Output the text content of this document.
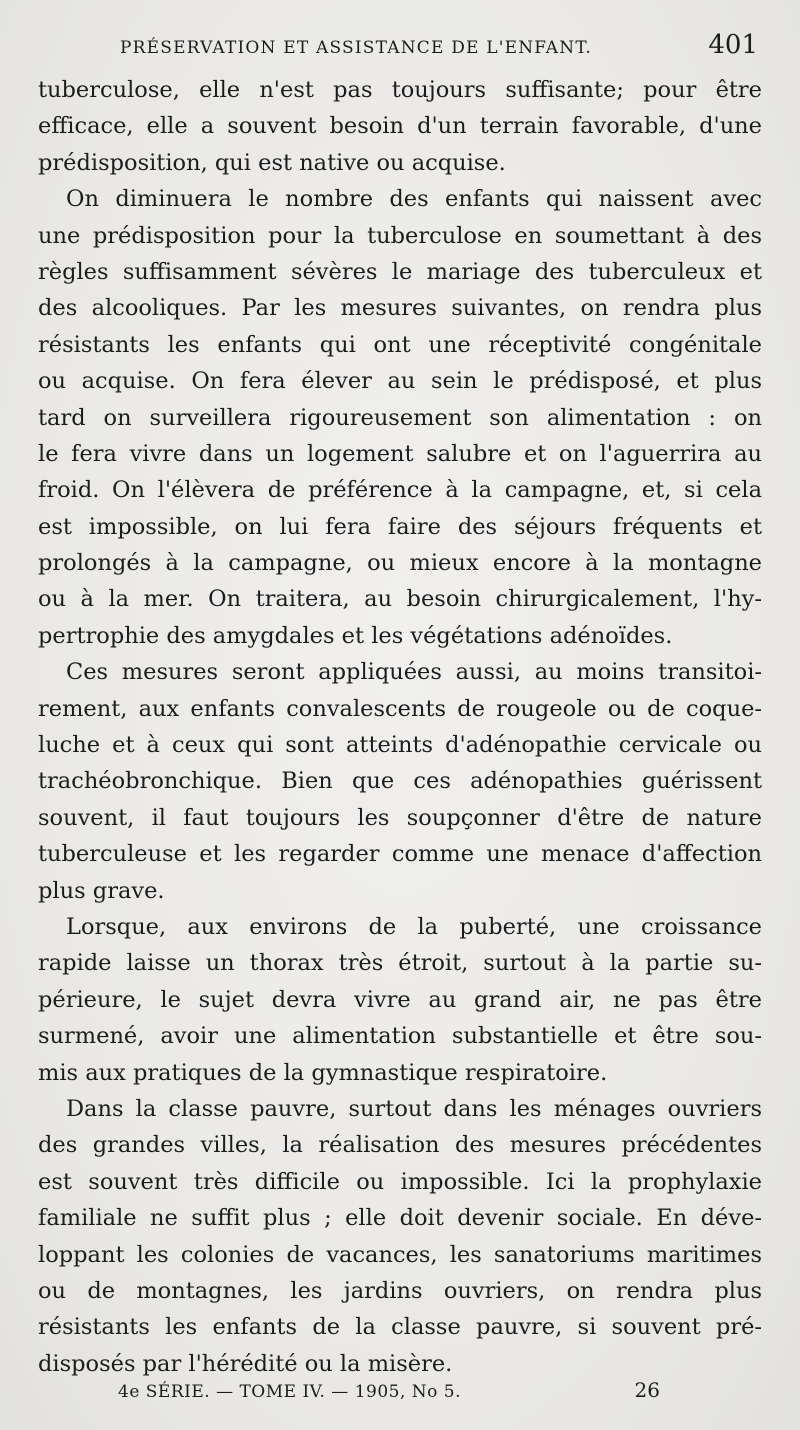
PRÉSERVATION ET ASSISTANCE DE L'ENFANT.	401
tuberculose, elle n'est pas toujours suffisante; pour être
efficace, elle a souvent besoin d'un terrain favorable, d'une
prédisposition, qui est native ou acquise.
On diminuera le nombre des enfants qui naissent avec
une prédisposition pour la tuberculose en soumettant à des
règles suffisamment sévères le mariage des tuberculeux et
des alcooliques. Par les mesures suivantes, on rendra plus
résistants les enfants qui ont une réceptivité congénitale
ou acquise. On fera élever au sein le prédisposé, et plus
tard on surveillera rigoureusement son alimentation : on
le fera vivre dans un logement salubre et on l'aguerrira au
froid. On l'élèvera de préférence à la campagne, et, si cela
est impossible, on lui fera faire des séjours fréquents et
prolongés à la campagne, ou mieux encore à la montagne
ou à la mer. On traitera, au besoin chirurgicalement, l'hy-
pertrophie des amygdales et les végétations adénoïdes.
Ces mesures seront appliquées aussi, au moins transitoi-
rement, aux enfants convalescents de rougeole ou de coque-
luche et à ceux qui sont atteints d'adénopathie cervicale ou
trachéobronchique. Bien que ces adénopathies guérissent
souvent, il faut toujours les soupçonner d'être de nature
tuberculeuse et les regarder comme une menace d'affection
plus grave.
Lorsque, aux environs de la puberté, une croissance
rapide laisse un thorax très étroit, surtout à la partie su-
périeure, le sujet devra vivre au grand air, ne pas être
surmené, avoir une alimentation substantielle et être sou-
mis aux pratiques de la gymnastique respiratoire.
Dans la classe pauvre, surtout dans les ménages ouvriers
des grandes villes, la réalisation des mesures précédentes
est souvent très difficile ou impossible. Ici la prophylaxie
familiale ne suffit plus ; elle doit devenir sociale. En déve-
loppant les colonies de vacances, les sanatoriums maritimes
ou de montagnes, les jardins ouvriers, on rendra plus
résistants les enfants de la classe pauvre, si souvent pré-
disposés par l'hérédité ou la misère.
4e SÉRIE. — TOME IV. — 1905, No 5.	26
